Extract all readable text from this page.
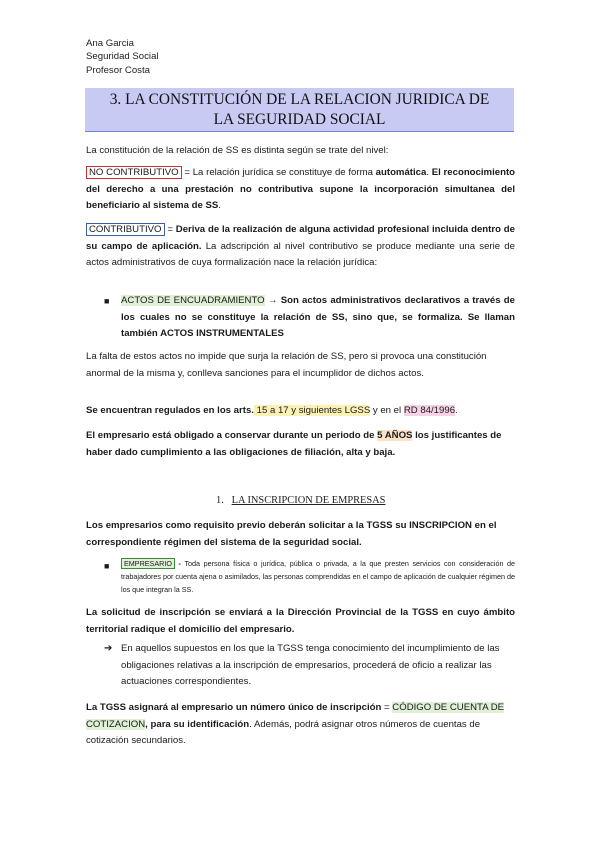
Ana Garcia
Seguridad Social
Profesor Costa
3. LA CONSTITUCIÓN DE LA RELACION JURIDICA DE
LA SEGURIDAD SOCIAL
La constitución de la relación de SS es distinta según se trate del nivel:
NO CONTRIBUTIVO = La relación jurídica se constituye de forma automática. El reconocimiento del derecho a una prestación no contributiva supone la incorporación simultanea del beneficiario al sistema de SS.
CONTRIBUTIVO = Deriva de la realización de alguna actividad profesional incluida dentro de su campo de aplicación. La adscripción al nivel contributivo se produce mediante una serie de actos administrativos de cuya formalización nace la relación jurídica:
■ ACTOS DE ENCUADRAMIENTO → Son actos administrativos declarativos a través de los cuales no se constituye la relación de SS, sino que, se formaliza. Se llaman también ACTOS INSTRUMENTALES
La falta de estos actos no impide que surja la relación de SS, pero si provoca una constitución anormal de la misma y, conlleva sanciones para el incumplidor de dichos actos.
Se encuentran regulados en los arts. 15 a 17 y siguientes LGSS y en el RD 84/1996.
El empresario está obligado a conservar durante un periodo de 5 AÑOS los justificantes de haber dado cumplimiento a las obligaciones de filiación, alta y baja.
1. LA INSCRIPCION DE EMPRESAS
Los empresarios como requisito previo deberán solicitar a la TGSS su INSCRIPCION en el correspondiente régimen del sistema de la seguridad social.
■	EMPRESARIO - Toda persona física o jurídica, pública o privada, a la que presten servicios con consideración de trabajadores por cuenta ajena o asimilados, las personas comprendidas en el campo de aplicación de cualquier régimen de los que integran la SS.
La solicitud de inscripción se enviará a la Dirección Provincial de la TGSS en cuyo ámbito territorial radique el domicilio del empresario.
➔ En aquellos supuestos en los que la TGSS tenga conocimiento del incumplimiento de las obligaciones relativas a la inscripción de empresarios, procederá de oficio a realizar las actuaciones correspondientes.
La TGSS asignará al empresario un número único de inscripción = CÓDIGO DE CUENTA DE COTIZACION, para su identificación. Además, podrá asignar otros números de cuentas de cotización secundarios.
